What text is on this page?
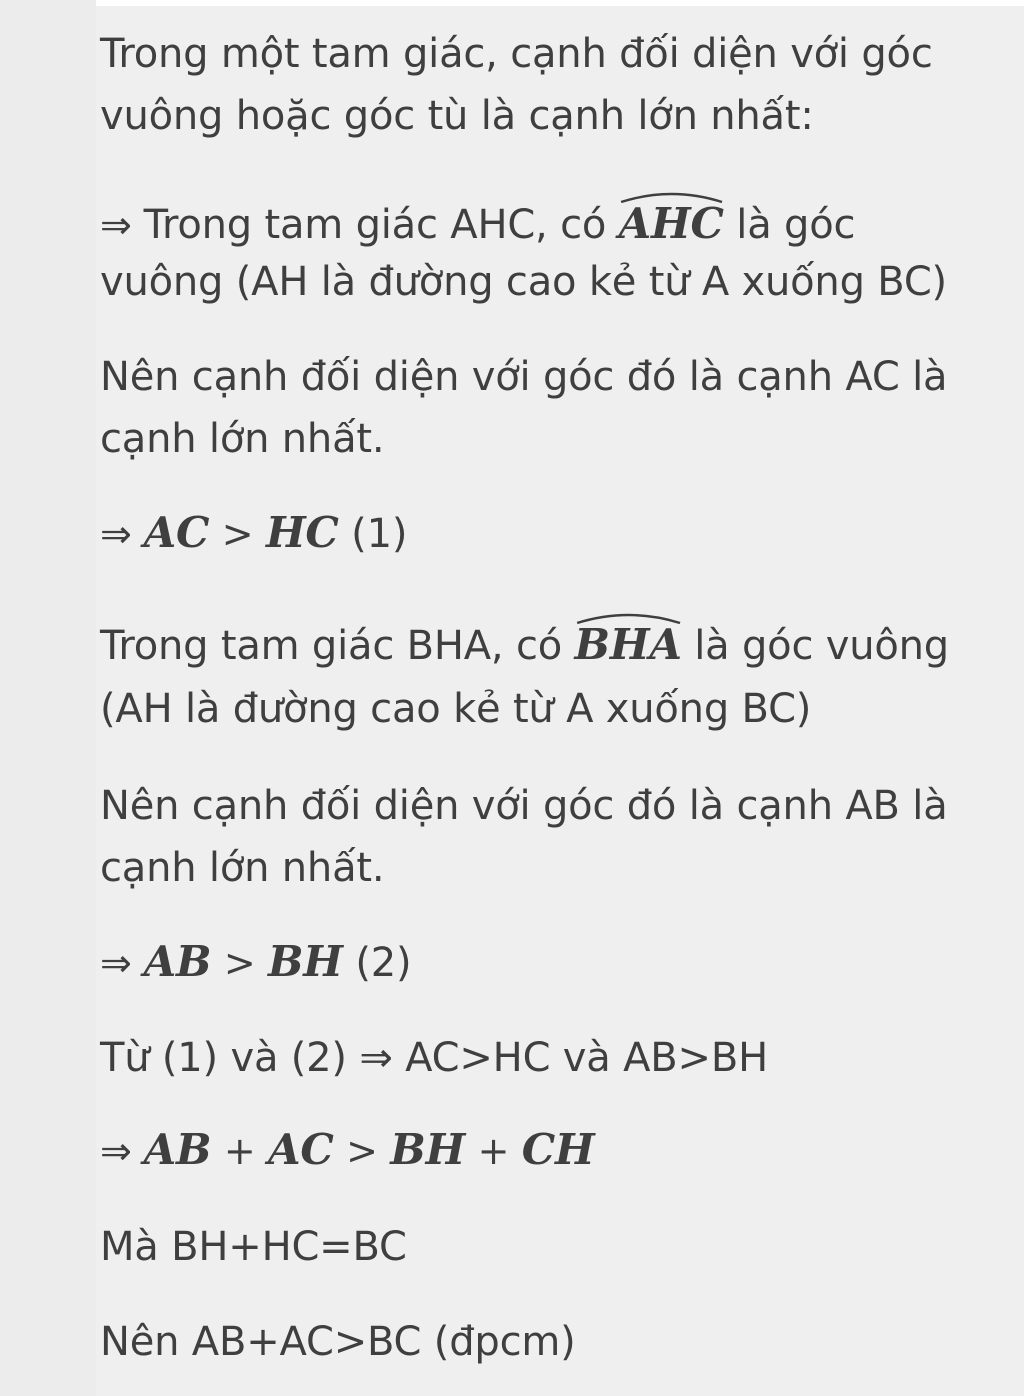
Trong một tam giác, cạnh đối diện với góc
vuông hoặc góc tù là cạnh lớn nhất:
⇒ Trong tam giác AHC, có AHC là góc
vuông (AH là đường cao kẻ từ A xuống BC)
Nên cạnh đối diện với góc đó là cạnh AC là
cạnh lớn nhất.
⇒ AC > HC (1)
Trong tam giác BHA, có BHA là góc vuông
(AH là đường cao kẻ từ A xuống BC)
Nên cạnh đối diện với góc đó là cạnh AB là
cạnh lớn nhất.
⇒ AB > BH (2)
Từ (1) và (2) ⇒ AC>HC và AB>BH
⇒ AB + AC > BH + CH
Mà BH+HC=BC
Nên AB+AC>BC (đpcm)
